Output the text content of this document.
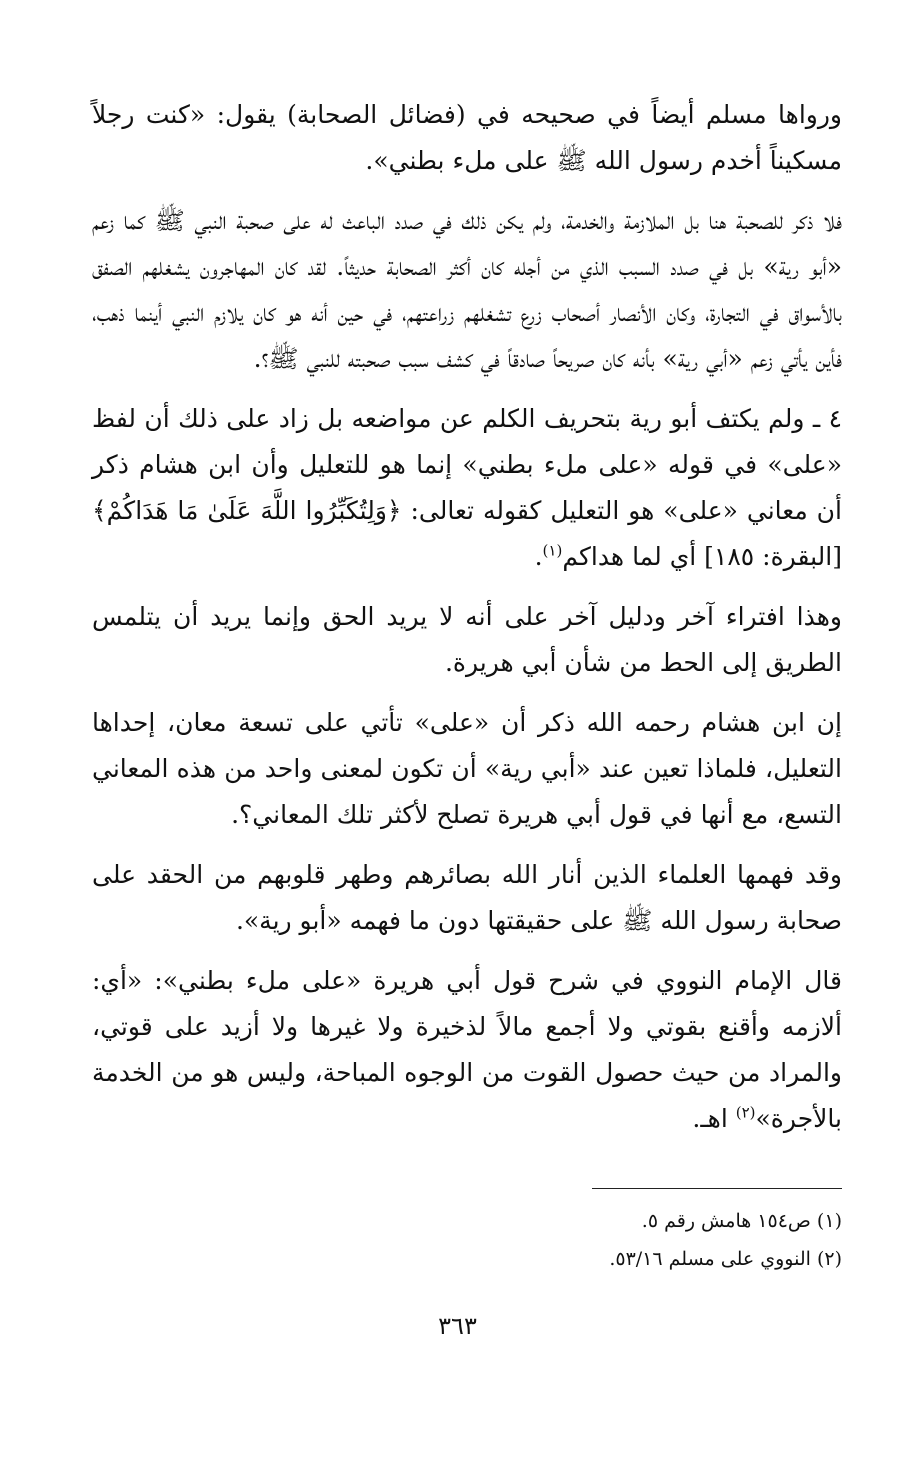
ورواها مسلم أيضاً في صحيحه في (فضائل الصحابة) يقول: «كنت رجلاً مسكيناً أخدم رسول الله ﷺ على ملء بطني».

فلا ذكر للصحبة هنا بل الملازمة والخدمة، ولم يكن ذلك في صدد الباعث له على صحبة النبي ﷺ كما زعم «أبو رية» بل في صدد السبب الذي من أجله كان أكثر الصحابة حديثاً. لقد كان المهاجرون يشغلهم الصفق بالأسواق في التجارة، وكان الأنصار أصحاب زرع تشغلهم زراعتهم، في حين أنه هو كان يلازم النبي أينما ذهب، فأين يأتي زعم «أبي رية» بأنه كان صريحاً صادقاً في كشف سبب صحبته للنبي ﷺ؟.

٤ ـ ولم يكتف أبو رية بتحريف الكلم عن مواضعه بل زاد على ذلك أن لفظ «على» في قوله «على ملء بطني» إنما هو للتعليل وأن ابن هشام ذكر أن معاني «على» هو التعليل كقوله تعالى: ﴿وَلِتُكَبِّرُوا اللَّهَ عَلَىٰ مَا هَدَاكُمْ﴾ [البقرة: ١٨٥] أي لما هداكم$^{(١)}$.

وهذا افتراء آخر ودليل آخر على أنه لا يريد الحق وإنما يريد أن يتلمس الطريق إلى الحط من شأن أبي هريرة.

إن ابن هشام رحمه الله ذكر أن «على» تأتي على تسعة معان، إحداها التعليل، فلماذا تعين عند «أبي رية» أن تكون لمعنى واحد من هذه المعاني التسع، مع أنها في قول أبي هريرة تصلح لأكثر تلك المعاني؟.

وقد فهمها العلماء الذين أنار الله بصائرهم وطهر قلوبهم من الحقد على صحابة رسول الله ﷺ على حقيقتها دون ما فهمه «أبو رية».

قال الإمام النووي في شرح قول أبي هريرة «على ملء بطني»: «أي: ألازمه وأقنع بقوتي ولا أجمع مالاً لذخيرة ولا غيرها ولا أزيد على قوتي، والمراد من حيث حصول القوت من الوجوه المباحة، وليس هو من الخدمة بالأجرة»$^{(٢)}$ اهـ.

(١) ص١٥٤ هامش رقم ٥.

(٢) النووي على مسلم ٥٣/١٦.

٣٦٣
